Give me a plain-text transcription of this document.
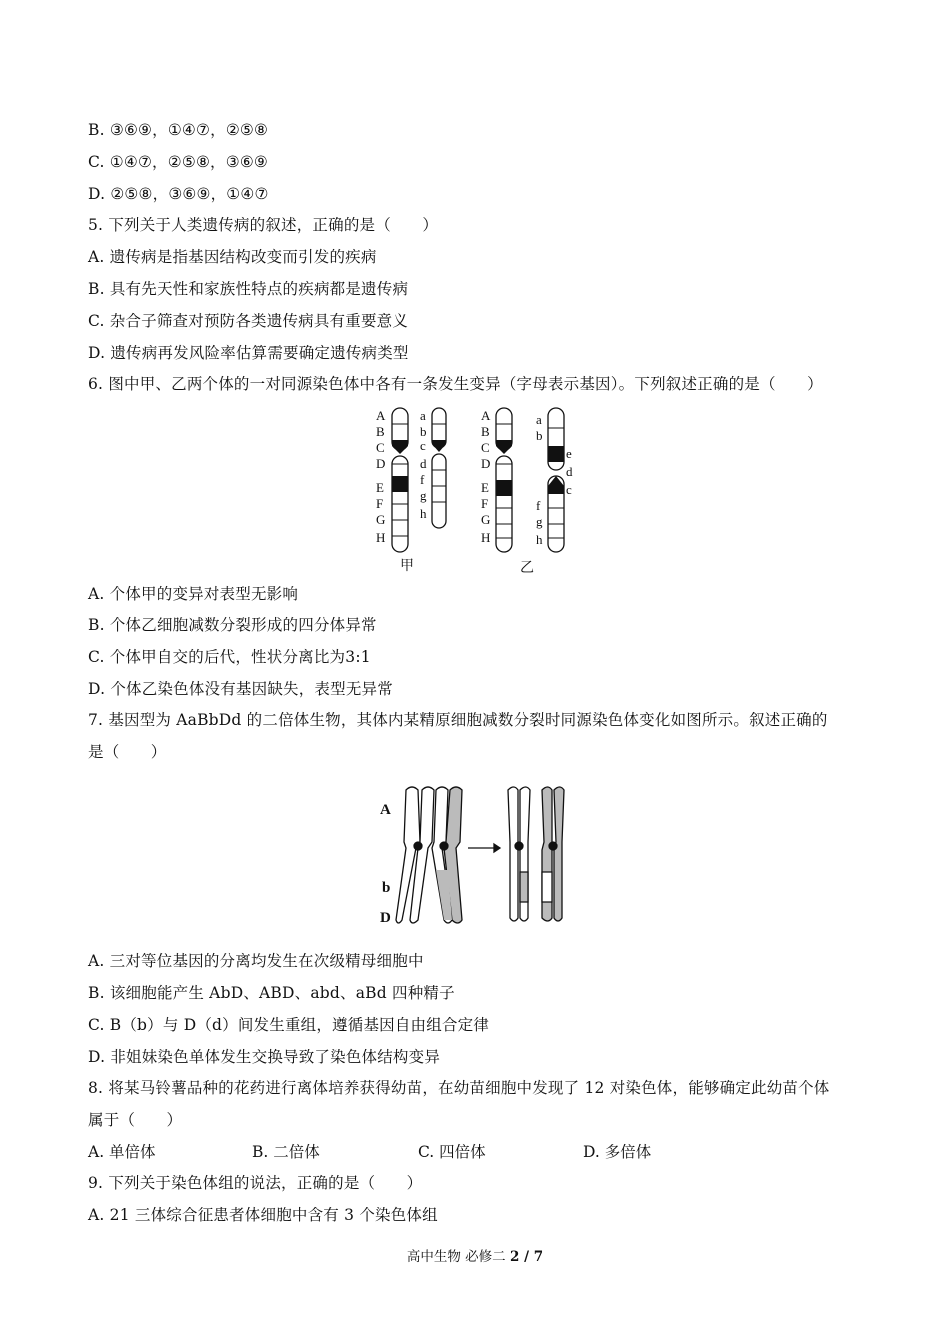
B. ③⑥⑨，①④⑦，②⑤⑧
C. ①④⑦，②⑤⑧，③⑥⑨
D. ②⑤⑧，③⑥⑨，①④⑦
5. 下列关于人类遗传病的叙述，正确的是（　　）
A. 遗传病是指基因结构改变而引发的疾病
B. 具有先天性和家族性特点的疾病都是遗传病
C. 杂合子筛查对预防各类遗传病具有重要意义
D. 遗传病再发风险率估算需要确定遗传病类型
6. 图中甲、乙两个体的一对同源染色体中各有一条发生变异（字母表示基因）。下列叙述正确的是（　　）
A
B
C
D
E
F
G
H
a
b
c
d
f
g
h
A
B
C
D
E
F
G
H
a
b
e
d
c
f
g
h
甲	乙
A. 个体甲的变异对表型无影响
B. 个体乙细胞减数分裂形成的四分体异常
C. 个体甲自交的后代，性状分离比为3:1
D. 个体乙染色体没有基因缺失，表型无异常
7. 基因型为 AaBbDd 的二倍体生物，其体内某精原细胞减数分裂时同源染色体变化如图所示。叙述正确的
是（　　）
A
b
D
A. 三对等位基因的分离均发生在次级精母细胞中
B. 该细胞能产生 AbD、ABD、abd、aBd 四种精子
C. B（b）与 D（d）间发生重组，遵循基因自由组合定律
D. 非姐妹染色单体发生交换导致了染色体结构变异
8. 将某马铃薯品种的花药进行离体培养获得幼苗，在幼苗细胞中发现了 12 对染色体，能够确定此幼苗个体
属于（　　）
A. 单倍体	B. 二倍体	C. 四倍体	D. 多倍体
9. 下列关于染色体组的说法，正确的是（　　）
A. 21 三体综合征患者体细胞中含有 3 个染色体组
高中生物 必修二 2 / 7
